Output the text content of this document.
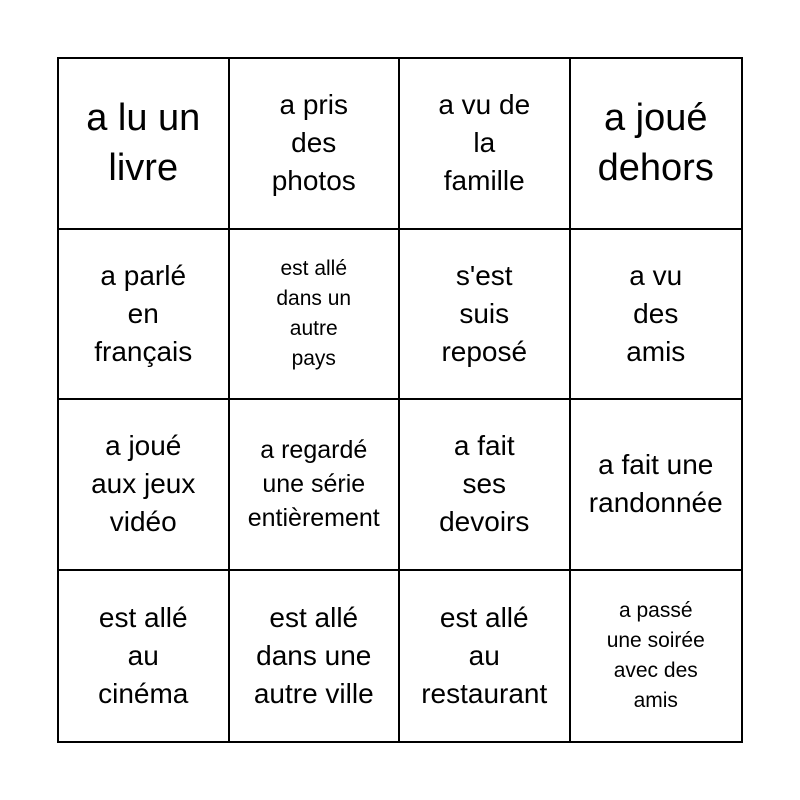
a lu un
livre
a pris
des
photos
a vu de
la
famille
a joué
dehors
a parlé
en
français
est allé
dans un
autre
pays
s'est
suis
reposé
a vu
des
amis
a joué
aux jeux
vidéo
a regardé
une série
entièrement
a fait
ses
devoirs
a fait une
randonnée
est allé
au
cinéma
est allé
dans une
autre ville
est allé
au
restaurant
a passé
une soirée
avec des
amis
